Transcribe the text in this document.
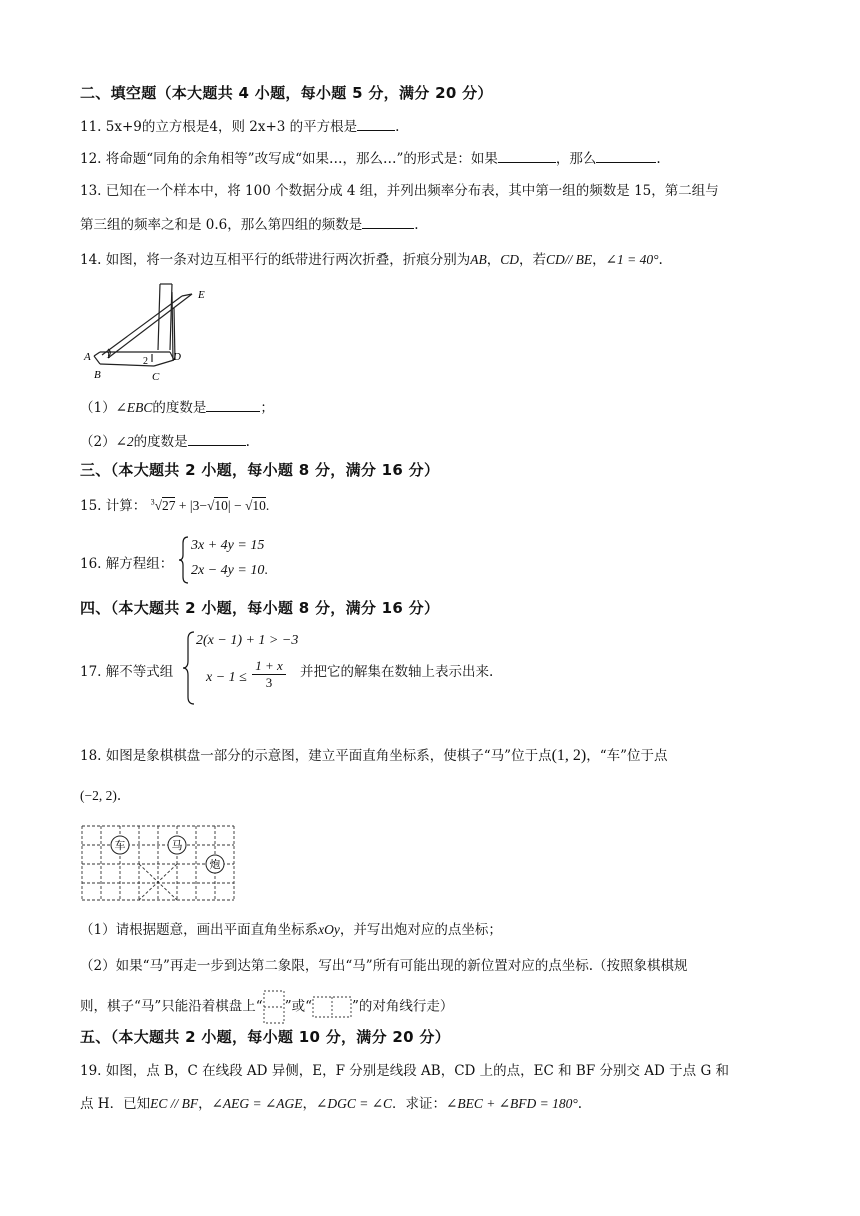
二、填空题（本大题共 4 小题，每小题 5 分，满分 20 分）
11. 5x+9的立方根是4，则 2x+3 的平方根是	.
12. 将命题“同角的余角相等”改写成“如果…，那么…”的形式是：如果	，那么	.
13. 已知在一个样本中，将 100 个数据分成 4 组，并列出频率分布表，其中第一组的频数是 15，第二组与
第三组的频率之和是 0.6，那么第四组的频数是	.
14. 如图，将一条对边互相平行的纸带进行两次折叠，折痕分别为AB，CD，若CD// BE，∠1 = 40°.
E
A
B	C
D
1
2
（1）∠EBC的度数是	；
（2）∠2的度数是	.
三、（本大题共 2 小题，每小题 8 分，满分 16 分）
15. 计算： $^3$√27 + |3−√10| − √10.
16. 解方程组：
3x + 4y = 15
2x − 4y = 10.
四、（本大题共 2 小题，每小题 8 分，满分 16 分）
17. 解不等式组
2(x − 1) + 1 > −3
$x - 1 \le \frac{1 + x}{3}$ 并把它的解集在数轴上表示出来.
18. 如图是象棋棋盘一部分的示意图，建立平面直角坐标系，使棋子“马”位于点(1, 2)，“车”位于点
(−2, 2).
车	马
炮
（1）请根据题意，画出平面直角坐标系xOy，并写出炮对应的点坐标；
（2）如果“马”再走一步到达第二象限，写出“马”所有可能出现的新位置对应的点坐标.（按照象棋棋规
则，棋子“马”只能沿着棋盘上“ ”或“	”的对角线行走）
五、（本大题共 2 小题，每小题 10 分，满分 20 分）
19. 如图，点 B，C 在线段 AD 异侧，E，F 分别是线段 AB，CD 上的点，EC 和 BF 分别交 AD 于点 G 和
点 H．已知EC // BF，∠AEG = ∠AGE，∠DGC = ∠C．求证：∠BEC + ∠BFD = 180°.
